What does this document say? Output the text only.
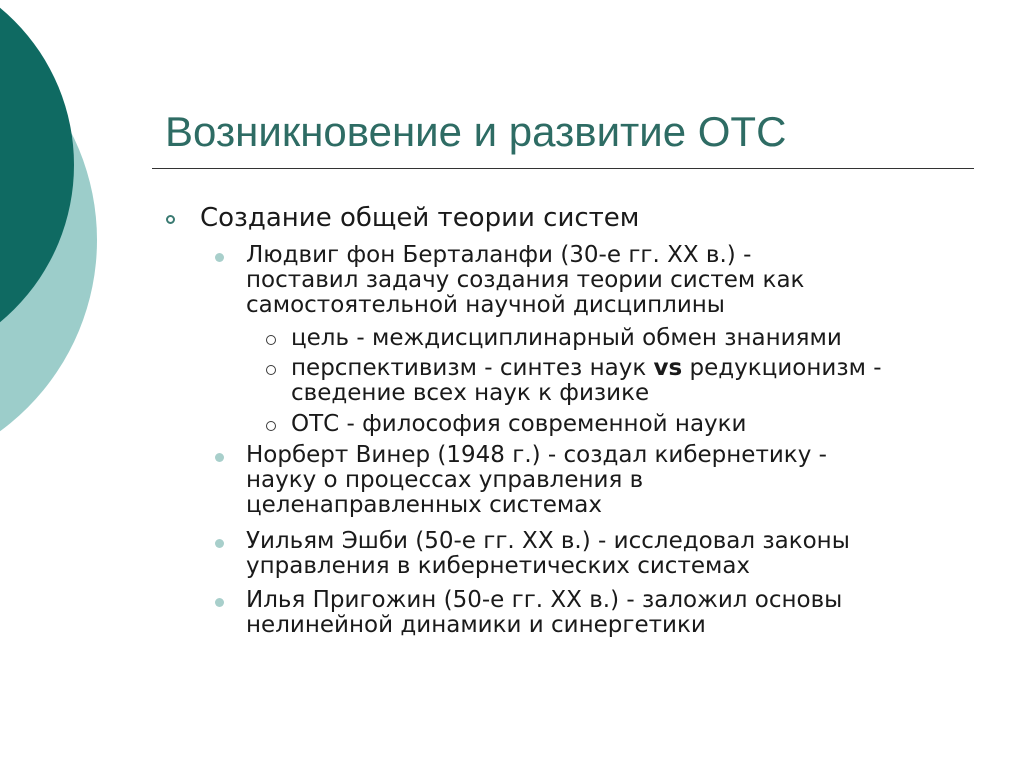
Возникновение и развитие ОТС
Создание общей теории систем
Людвиг фон Берталанфи (30-е гг. XX в.) -
поставил задачу создания теории систем как
самостоятельной научной дисциплины
цель - междисциплинарный обмен знаниями
перспективизм - синтез наук vs редукционизм -
сведение всех наук к физике
ОТС - философия современной науки
Норберт Винер (1948 г.) - создал кибернетику -
науку о процессах управления в
целенаправленных системах
Уильям Эшби (50-е гг. XX в.) - исследовал законы
управления в кибернетических системах
Илья Пригожин (50-е гг. XX в.) - заложил основы
нелинейной динамики и синергетики
